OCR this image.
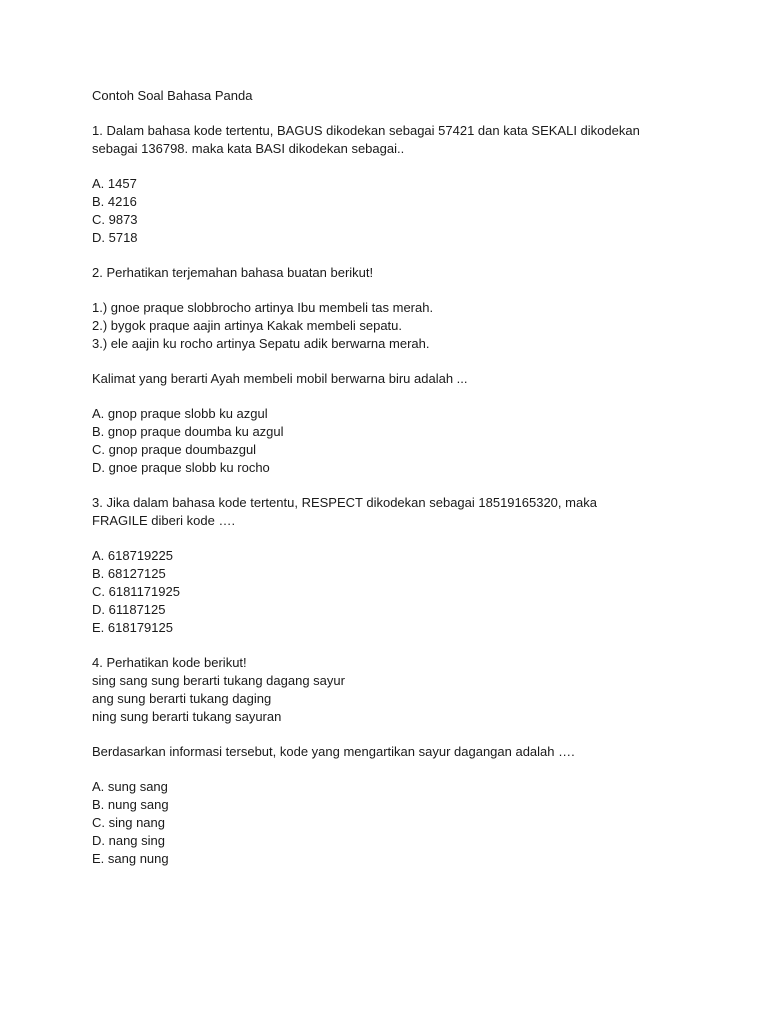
Contoh Soal Bahasa Panda
1. Dalam bahasa kode tertentu, BAGUS dikodekan sebagai 57421 dan kata SEKALI dikodekan
sebagai 136798. maka kata BASI dikodekan sebagai..
A. 1457
B. 4216
C. 9873
D. 5718
2. Perhatikan terjemahan bahasa buatan berikut!
1.) gnoe praque slobbrocho artinya Ibu membeli tas merah.
2.) bygok praque aajin artinya Kakak membeli sepatu.
3.) ele aajin ku rocho artinya Sepatu adik berwarna merah.
Kalimat yang berarti Ayah membeli mobil berwarna biru adalah ...
A. gnop praque slobb ku azgul
B. gnop praque doumba ku azgul
C. gnop praque doumbazgul
D. gnoe praque slobb ku rocho
3. Jika dalam bahasa kode tertentu, RESPECT dikodekan sebagai 18519165320, maka
FRAGILE diberi kode ….
A. 618719225
B. 68127125
C. 6181171925
D. 61187125
E. 618179125
4. Perhatikan kode berikut!
sing sang sung berarti tukang dagang sayur
ang sung berarti tukang daging
ning sung berarti tukang sayuran
Berdasarkan informasi tersebut, kode yang mengartikan sayur dagangan adalah ….
A. sung sang
B. nung sang
C. sing nang
D. nang sing
E. sang nung
